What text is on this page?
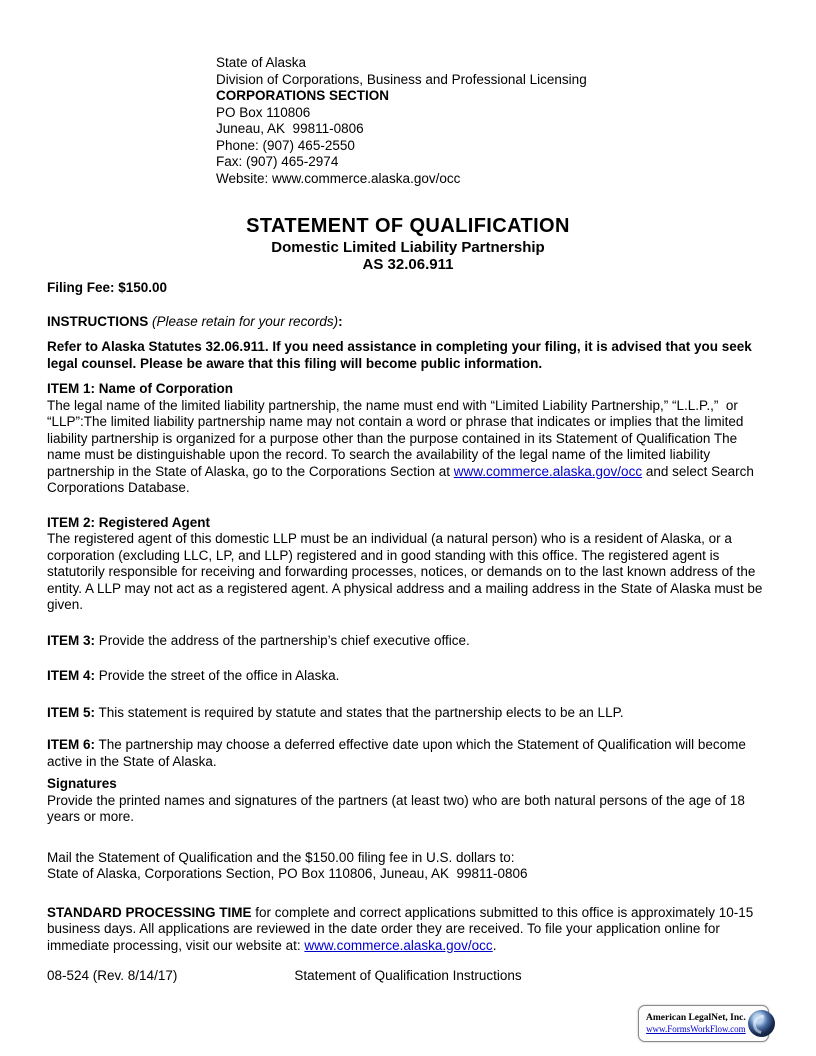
State of Alaska
Division of Corporations, Business and Professional Licensing
CORPORATIONS SECTION
PO Box 110806
Juneau, AK  99811-0806
Phone: (907) 465-2550
Fax: (907) 465-2974
Website: www.commerce.alaska.gov/occ
STATEMENT OF QUALIFICATION
Domestic Limited Liability Partnership
AS 32.06.911

Filing Fee: $150.00

INSTRUCTIONS (Please retain for your records):

Refer to Alaska Statutes 32.06.911. If you need assistance in completing your filing, it is advised that you seek legal counsel. Please be aware that this filing will become public information.

ITEM 1: Name of Corporation

The legal name of the limited liability partnership, the name must end with “Limited Liability Partnership,” “L.L.P.,”  or “LLP”:The limited liability partnership name may not contain a word or phrase that indicates or implies that the limited liability partnership is organized for a purpose other than the purpose contained in its Statement of Qualification The name must be distinguishable upon the record. To search the availability of the legal name of the limited liability partnership in the State of Alaska, go to the Corporations Section at www.commerce.alaska.gov/occ and select Search Corporations Database.

ITEM 2: Registered Agent

The registered agent of this domestic LLP must be an individual (a natural person) who is a resident of Alaska, or a corporation (excluding LLC, LP, and LLP) registered and in good standing with this office. The registered agent is statutorily responsible for receiving and forwarding processes, notices, or demands on to the last known address of the entity. A LLP may not act as a registered agent. A physical address and a mailing address in the State of Alaska must be given.

ITEM 3: Provide the address of the partnership’s chief executive office.

ITEM 4: Provide the street of the office in Alaska.

ITEM 5: This statement is required by statute and states that the partnership elects to be an LLP.

ITEM 6: The partnership may choose a deferred effective date upon which the Statement of Qualification will become active in the State of Alaska.

Signatures

Provide the printed names and signatures of the partners (at least two) who are both natural persons of the age of 18 years or more.

Mail the Statement of Qualification and the $150.00 filing fee in U.S. dollars to:

State of Alaska, Corporations Section, PO Box 110806, Juneau, AK  99811-0806

STANDARD PROCESSING TIME for complete and correct applications submitted to this office is approximately 10-15 business days. All applications are reviewed in the date order they are received. To file your application online for immediate processing, visit our website at: www.commerce.alaska.gov/occ.

08-524 (Rev. 8/14/17)	Statement of Qualification Instructions
American LegalNet, Inc.
www.FormsWorkFlow.com
